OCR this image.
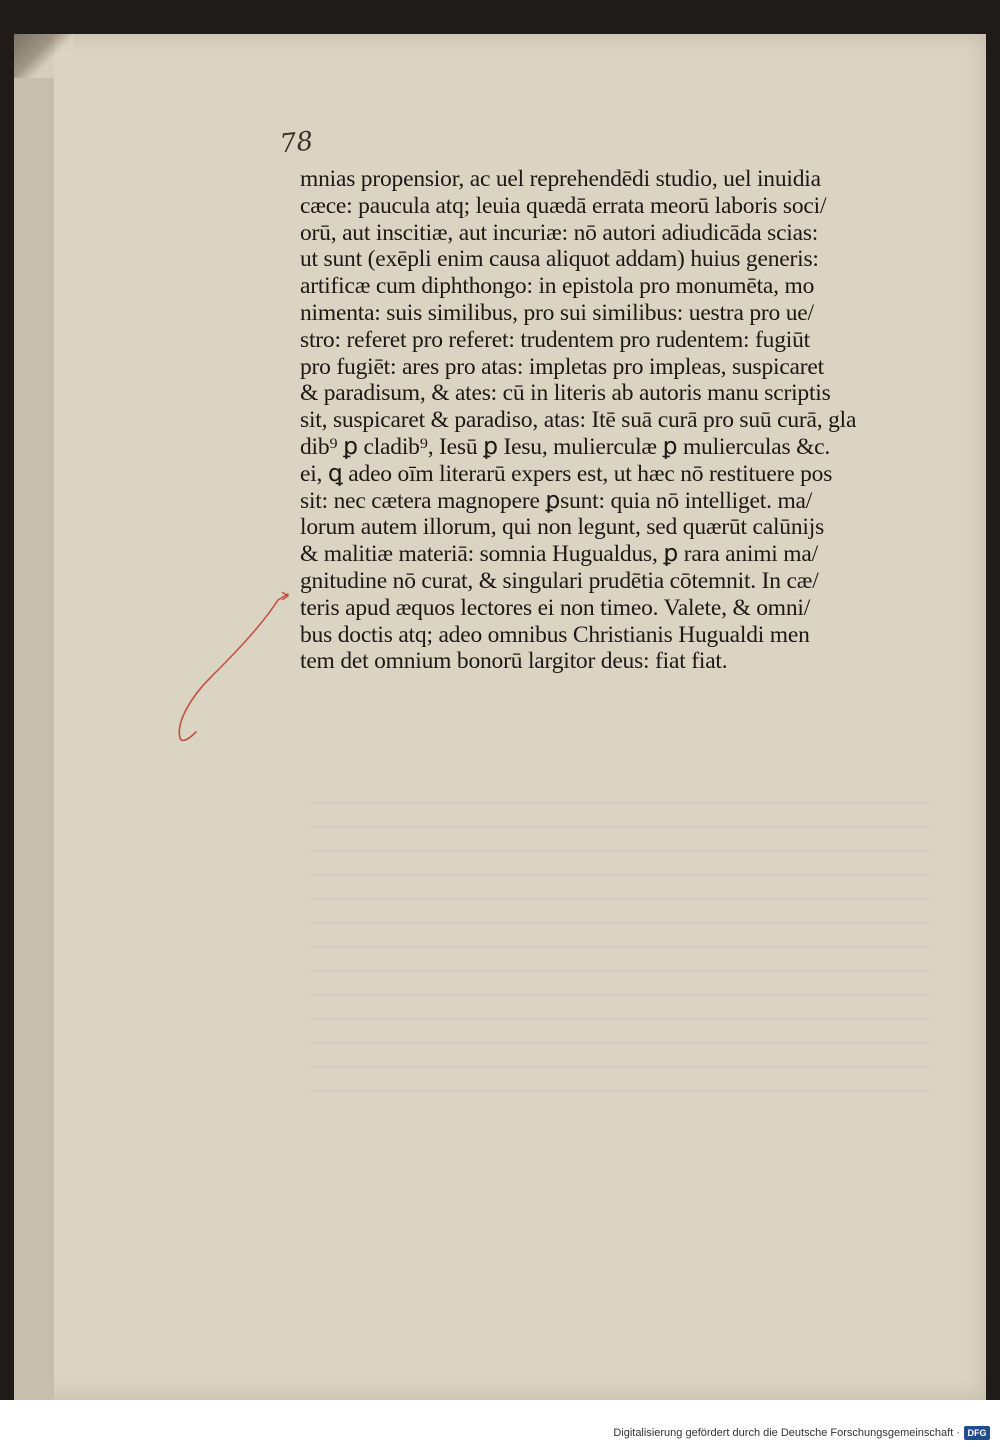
78
mnias propensior, ac uel reprehendēdi studio, uel inuidia
cæce: paucula atq; leuia quædā errata meorū laboris soci/
orū, aut inscitiæ, aut incuriæ: nō autori adiudicāda scias:
ut sunt (exēpli enim causa aliquot addam) huius generis:
artificæ cum diphthongo: in epistola pro monumēta, mo
nimenta: suis similibus, pro sui similibus: uestra pro ue/
stro: referet pro referet: trudentem pro rudentem: fugiūt
pro fugiēt: ares pro atas: impletas pro impleas, suspicaret
& paradisum, & ates: cū in literis ab autoris manu scriptis
sit, suspicaret & paradiso, atas: Itē suā curā pro suū curā, gla
dib⁹ ꝑ cladib⁹, Iesū ꝑ Iesu, mulierculæ ꝑ mulierculas &c.
ei, ꝗ adeo oīm literarū expers est, ut hæc nō restituere pos
sit: nec cætera magnopere ꝑsunt: quia nō intelliget. ma/
lorum autem illorum, qui non legunt, sed quærūt calūnijs
& malitiæ materiā: somnia Hugualdus, ꝑ rara animi ma/
gnitudine nō curat, & singulari prudētia cōtemnit. In cæ/
teris apud æquos lectores ei non timeo. Valete, & omni/
bus doctis atq; adeo omnibus Christianis Hugualdi men
tem det omnium bonorū largitor deus: fiat fiat.
Digitalisierung gefördert durch die Deutsche Forschungsgemeinschaft · DFG
